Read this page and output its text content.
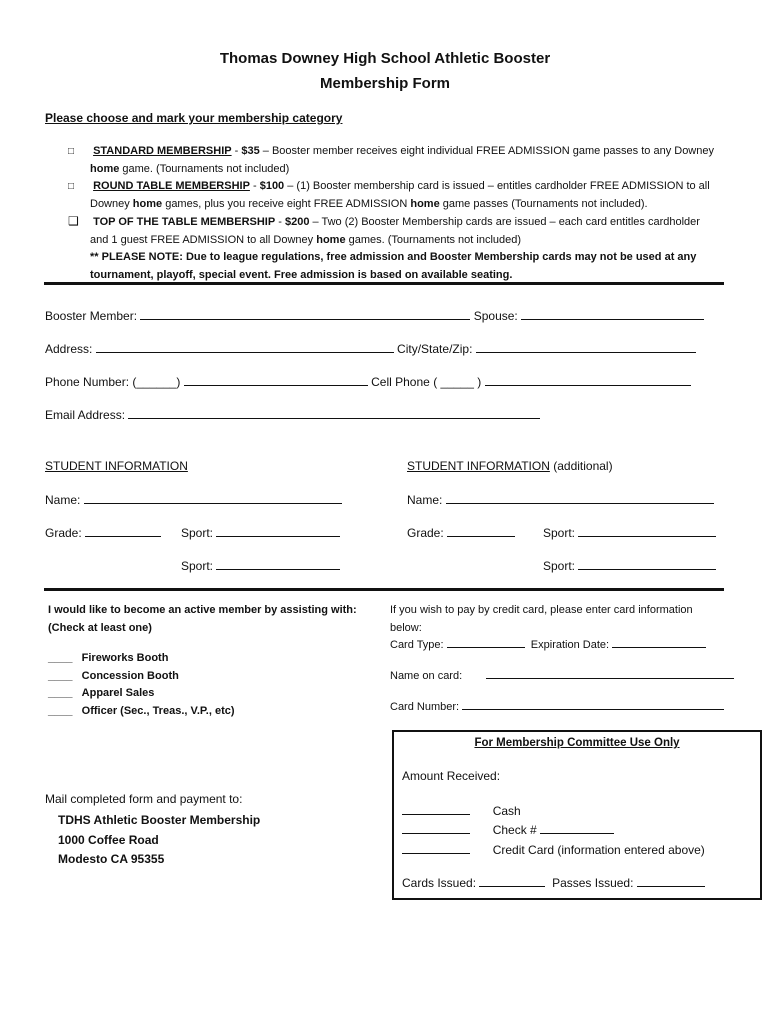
Thomas Downey High School Athletic Booster
Membership Form
Please choose and mark your membership category
□ STANDARD MEMBERSHIP - $35 – Booster member receives eight individual FREE ADMISSION game passes to any Downey
home game. (Tournaments not included)
□ ROUND TABLE MEMBERSHIP - $100 – (1) Booster membership card is issued – entitles cardholder FREE ADMISSION to all
Downey home games, plus you receive eight FREE ADMISSION home game passes (Tournaments not included).
❑ TOP OF THE TABLE MEMBERSHIP - $200 – Two (2) Booster Membership cards are issued – each card entitles cardholder
and 1 guest FREE ADMISSION to all Downey home games. (Tournaments not included)
** PLEASE NOTE: Due to league regulations, free admission and Booster Membership cards may not be used at any
tournament, playoff, special event. Free admission is based on available seating.
Booster Member:	Spouse:
Address:	City/State/Zip:
Phone Number: (______)	Cell Phone ( _____ )
Email Address:
STUDENT INFORMATION	STUDENT INFORMATION (additional)
Name:	Name:
Grade:	Sport:	Grade:	Sport:
Sport:	Sport:
I would like to become an active member by assisting with:
(Check at least one)
____ Fireworks Booth
____ Concession Booth
____ Apparel Sales
____ Officer (Sec., Treas., V.P., etc)
If you wish to pay by credit card, please enter card information
below:
Card Type:	Expiration Date:
Name on card:
Card Number:
Mail completed form and payment to:
TDHS Athletic Booster Membership
1000 Coffee Road
Modesto CA 95355
For Membership Committee Use Only
Amount Received:
Cash
Check #
Credit Card (information entered above)
Cards Issued:	Passes Issued:
